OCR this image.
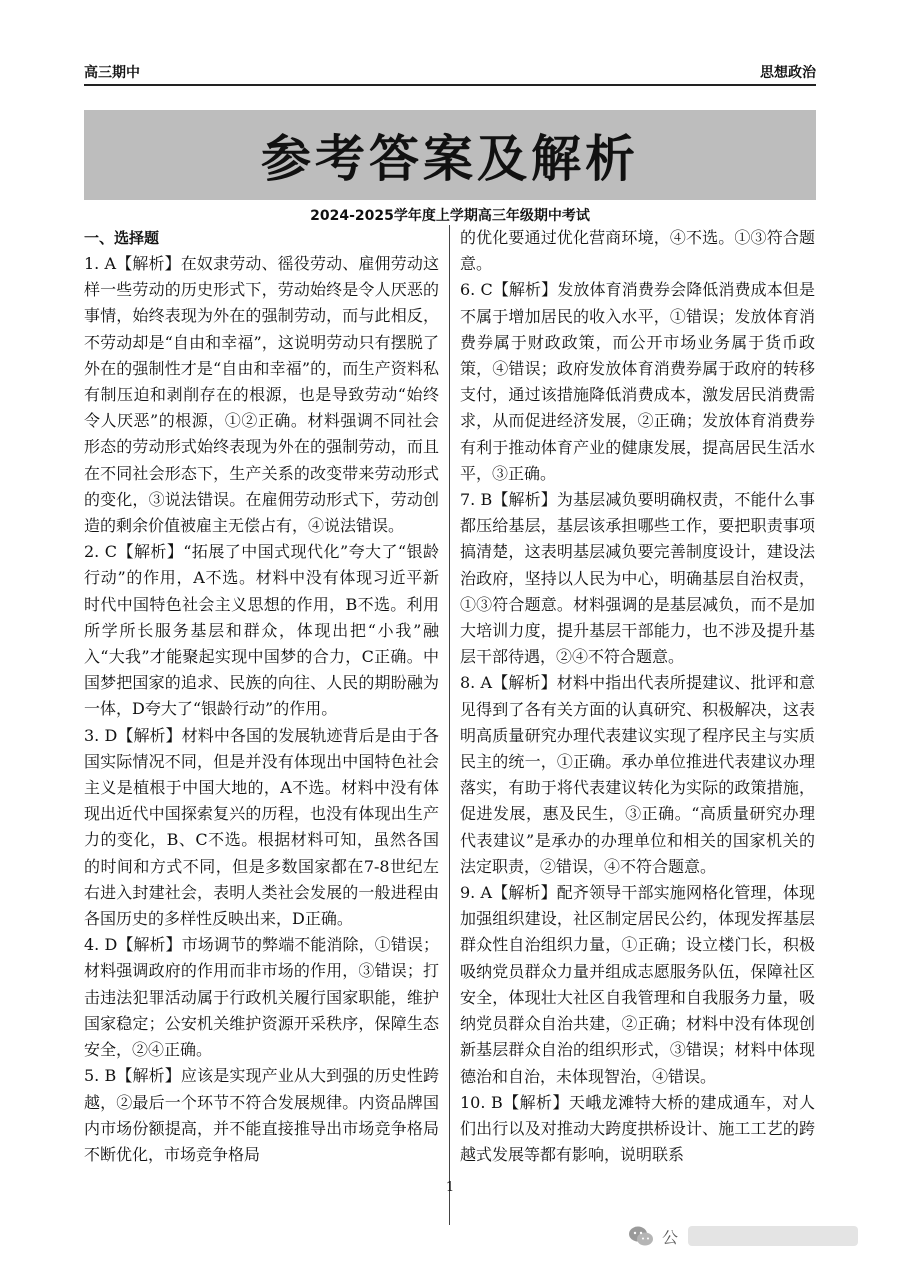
高三期中	思想政治
参考答案及解析
2024-2025学年度上学期高三年级期中考试
一、选择题

1. A【解析】在奴隶劳动、徭役劳动、雇佣劳动这样一些劳动的历史形式下，劳动始终是令人厌恶的事情，始终表现为外在的强制劳动，而与此相反，不劳动却是“自由和幸福”，这说明劳动只有摆脱了外在的强制性才是“自由和幸福”的，而生产资料私有制压迫和剥削存在的根源，也是导致劳动“始终令人厌恶”的根源，①②正确。材料强调不同社会形态的劳动形式始终表现为外在的强制劳动，而且在不同社会形态下，生产关系的改变带来劳动形式的变化，③说法错误。在雇佣劳动形式下，劳动创造的剩余价值被雇主无偿占有，④说法错误。

2. C【解析】“拓展了中国式现代化”夸大了“银龄行动”的作用，A不选。材料中没有体现习近平新时代中国特色社会主义思想的作用，B不选。利用所学所长服务基层和群众，体现出把“小我”融入“大我”才能聚起实现中国梦的合力，C正确。中国梦把国家的追求、民族的向往、人民的期盼融为一体，D夸大了“银龄行动”的作用。

3. D【解析】材料中各国的发展轨迹背后是由于各国实际情况不同，但是并没有体现出中国特色社会主义是植根于中国大地的，A不选。材料中没有体现出近代中国探索复兴的历程，也没有体现出生产力的变化，B、C不选。根据材料可知，虽然各国的时间和方式不同，但是多数国家都在7-8世纪左右进入封建社会，表明人类社会发展的一般进程由各国历史的多样性反映出来，D正确。

4. D【解析】市场调节的弊端不能消除，①错误；材料强调政府的作用而非市场的作用，③错误；打击违法犯罪活动属于行政机关履行国家职能，维护国家稳定；公安机关维护资源开采秩序，保障生态安全，②④正确。

5. B【解析】应该是实现产业从大到强的历史性跨越，②最后一个环节不符合发展规律。内资品牌国内市场份额提高，并不能直接推导出市场竞争格局不断优化，市场竞争格局

的优化要通过优化营商环境，④不选。①③符合题意。

6. C【解析】发放体育消费券会降低消费成本但是不属于增加居民的收入水平，①错误；发放体育消费券属于财政政策，而公开市场业务属于货币政策，④错误；政府发放体育消费券属于政府的转移支付，通过该措施降低消费成本，激发居民消费需求，从而促进经济发展，②正确；发放体育消费券有利于推动体育产业的健康发展，提高居民生活水平，③正确。

7. B【解析】为基层减负要明确权责，不能什么事都压给基层，基层该承担哪些工作，要把职责事项搞清楚，这表明基层减负要完善制度设计，建设法治政府，坚持以人民为中心，明确基层自治权责，①③符合题意。材料强调的是基层减负，而不是加大培训力度，提升基层干部能力，也不涉及提升基层干部待遇，②④不符合题意。

8. A【解析】材料中指出代表所提建议、批评和意见得到了各有关方面的认真研究、积极解决，这表明高质量研究办理代表建议实现了程序民主与实质民主的统一，①正确。承办单位推进代表建议办理落实，有助于将代表建议转化为实际的政策措施，促进发展，惠及民生，③正确。“高质量研究办理代表建议”是承办的办理单位和相关的国家机关的法定职责，②错误，④不符合题意。

9. A【解析】配齐领导干部实施网格化管理，体现加强组织建设，社区制定居民公约，体现发挥基层群众性自治组织力量，①正确；设立楼门长，积极吸纳党员群众力量并组成志愿服务队伍，保障社区安全，体现壮大社区自我管理和自我服务力量，吸纳党员群众自治共建，②正确；材料中没有体现创新基层群众自治的组织形式，③错误；材料中体现德治和自治，未体现智治，④错误。

10. B【解析】天峨龙滩特大桥的建成通车，对人们出行以及对推动大跨度拱桥设计、施工工艺的跨越式发展等都有影响，说明联系

1
公
